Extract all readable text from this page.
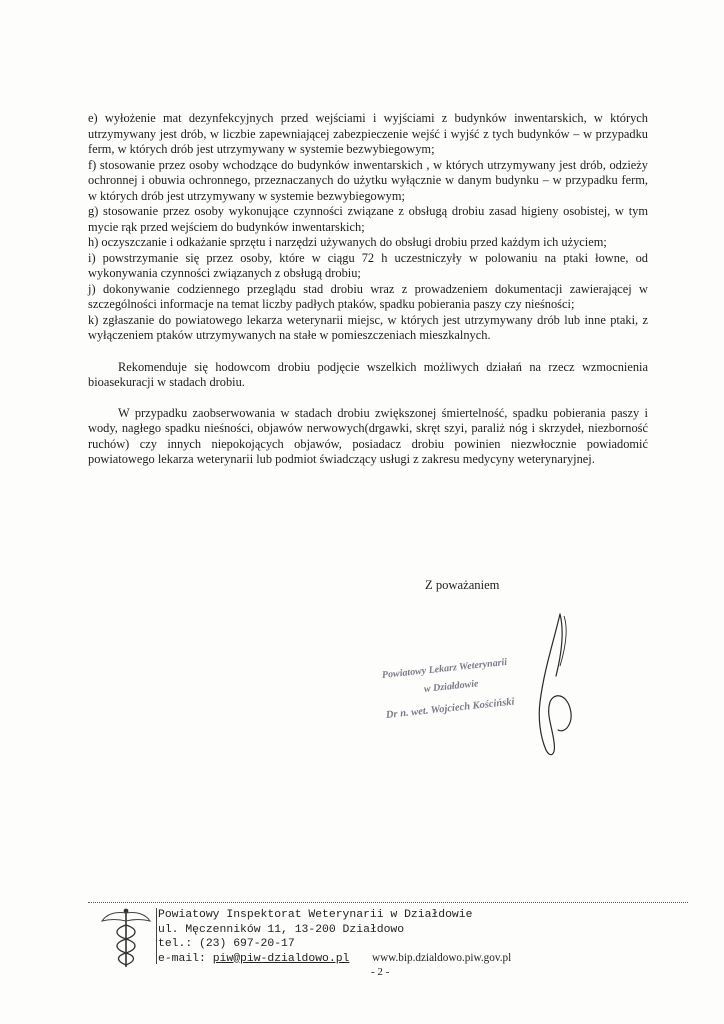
e) wyłożenie mat dezynfekcyjnych przed wejściami i wyjściami z budynków inwentarskich, w których utrzymywany jest drób, w liczbie zapewniającej zabezpieczenie wejść i wyjść z tych budynków – w przypadku ferm, w których drób jest utrzymywany w systemie bezwybiegowym;
f) stosowanie przez osoby wchodzące do budynków inwentarskich , w których utrzymywany jest drób, odzieży ochronnej i obuwia ochronnego, przeznaczanych do użytku wyłącznie w danym budynku – w przypadku ferm, w których drób jest utrzymywany w systemie bezwybiegowym;
g) stosowanie przez osoby wykonujące czynności związane z obsługą drobiu zasad higieny osobistej, w tym mycie rąk przed wejściem do budynków inwentarskich;
h) oczyszczanie i odkażanie sprzętu i narzędzi używanych do obsługi drobiu przed każdym ich użyciem;
i) powstrzymanie się przez osoby, które w ciągu 72 h uczestniczyły w polowaniu na ptaki łowne, od wykonywania czynności związanych z obsługą drobiu;
j) dokonywanie codziennego przeglądu stad drobiu wraz z prowadzeniem dokumentacji zawierającej w szczególności informacje na temat liczby padłych ptaków, spadku pobierania paszy czy nieśności;
k) zgłaszanie do powiatowego lekarza weterynarii miejsc, w których jest utrzymywany drób lub inne ptaki, z wyłączeniem ptaków utrzymywanych na stałe w pomieszczeniach mieszkalnych.

Rekomenduje się hodowcom drobiu podjęcie wszelkich możliwych działań na rzecz wzmocnienia bioasekuracji w stadach drobiu.

W przypadku zaobserwowania w stadach drobiu zwiększonej śmiertelność, spadku pobierania paszy i wody, nagłego spadku nieśności, objawów nerwowych(drgawki, skręt szyi, paraliż nóg i skrzydeł, niezborność ruchów) czy innych niepokojących objawów, posiadacz drobiu powinien niezwłocznie powiadomić powiatowego lekarza weterynarii lub podmiot świadczący usługi z zakresu medycyny weterynaryjnej.

Z poważaniem
Powiatowy Lekarz Weterynarii
w Działdowie
Dr n. wet. Wojciech Kościński
Powiatowy Inspektorat Weterynarii w Działdowie
ul. Męczenników 11, 13-200 Działdowo
tel.: (23) 697-20-17
e-mail: piw@piw-dzialdowo.pl	www.bip.dzialdowo.piw.gov.pl
- 2 -
